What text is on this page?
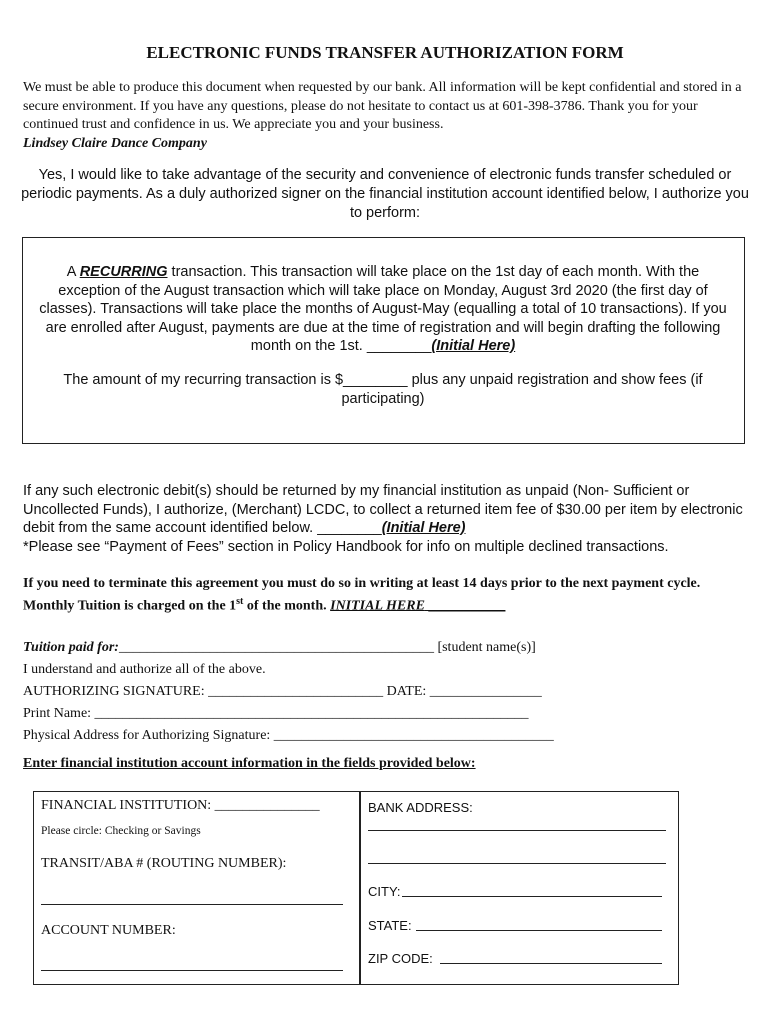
ELECTRONIC FUNDS TRANSFER AUTHORIZATION FORM
We must be able to produce this document when requested by our bank. All information will be kept confidential and stored in a secure environment. If you have any questions, please do not hesitate to contact us at 601-398-3786. Thank you for your continued trust and confidence in us. We appreciate you and your business.
Lindsey Claire Dance Company
Yes, I would like to take advantage of the security and convenience of electronic funds transfer scheduled or periodic payments. As a duly authorized signer on the financial institution account identified below, I authorize you to perform:
A RECURRING transaction. This transaction will take place on the 1st day of each month. With the exception of the August transaction which will take place on Monday, August 3rd 2020 (the first day of classes). Transactions will take place the months of August-May (equalling a total of 10 transactions). If you are enrolled after August, payments are due at the time of registration and will begin drafting the following month on the 1st. ________(Initial Here)
The amount of my recurring transaction is $________ plus any unpaid registration and show fees (if participating)
If any such electronic debit(s) should be returned by my financial institution as unpaid (Non- Sufficient or Uncollected Funds), I authorize, (Merchant) LCDC, to collect a returned item fee of $30.00 per item by electronic debit from the same account identified below. ________(Initial Here)
*Please see “Payment of Fees” section in Policy Handbook for info on multiple declined transactions.
If you need to terminate this agreement you must do so in writing at least 14 days prior to the next payment cycle. Monthly Tuition is charged on the 1st of the month. INITIAL HERE ___________
Tuition paid for:_____________________________________________ [student name(s)]
I understand and authorize all of the above.
AUTHORIZING SIGNATURE: _________________________ DATE: ________________
Print Name: ______________________________________________________________
Physical Address for Authorizing Signature: ________________________________________
Enter financial institution account information in the fields provided below:
FINANCIAL INSTITUTION: _______________
Please circle: Checking or Savings
TRANSIT/ABA # (ROUTING NUMBER):
ACCOUNT NUMBER:
BANK ADDRESS:
CITY:
STATE:
ZIP CODE:
